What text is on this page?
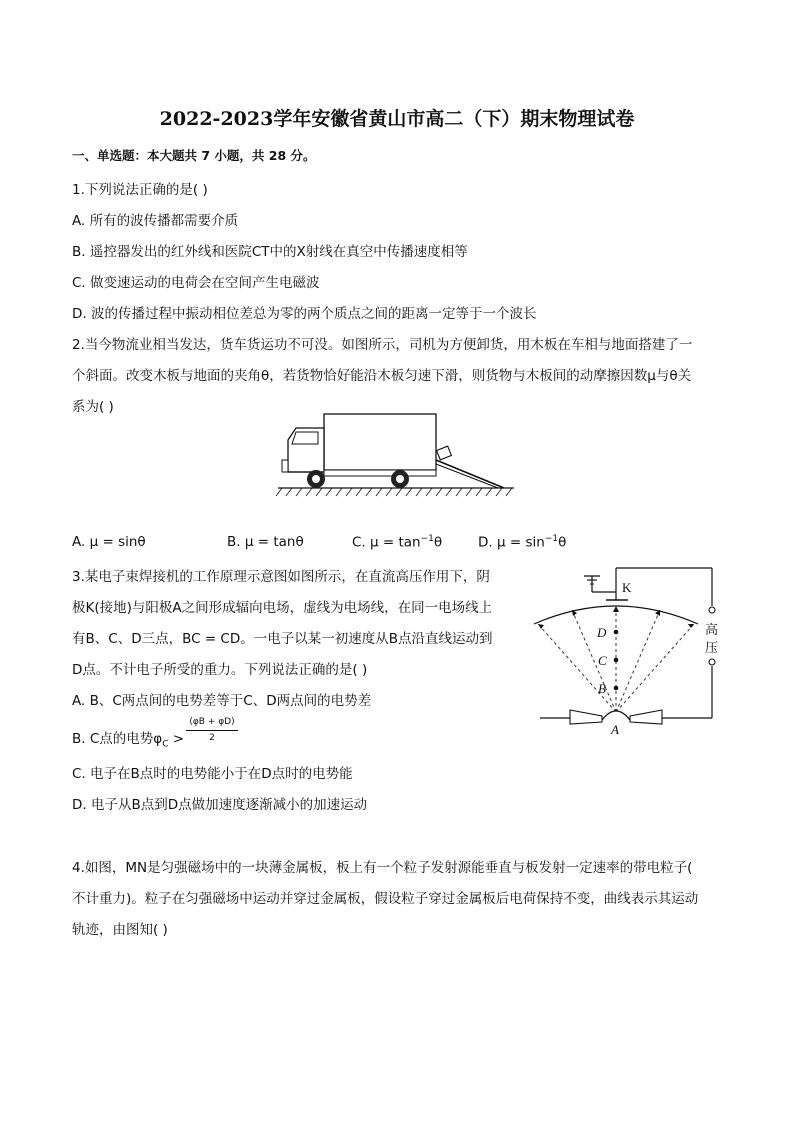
2022-2023学年安徽省黄山市高二（下）期末物理试卷
一、单选题：本大题共 7 小题，共 28 分。
1.下列说法正确的是( )
A. 所有的波传播都需要介质
B. 遥控器发出的红外线和医院CT中的X射线在真空中传播速度相等
C. 做变速运动的电荷会在空间产生电磁波
D. 波的传播过程中振动相位差总为零的两个质点之间的距离一定等于一个波长
2.当今物流业相当发达，货车货运功不可没。如图所示，司机为方便卸货，用木板在车相与地面搭建了一
个斜面。改变木板与地面的夹角θ，若货物恰好能沿木板匀速下滑，则货物与木板间的动摩擦因数μ与θ关
系为( )
A. μ = sinθ	B. μ = tanθ	C. $\mu = \tan^{-1}\theta$	D. $\mu = \sin^{-1}\theta$
3.某电子束焊接机的工作原理示意图如图所示，在直流高压作用下，阴
极K(接地)与阳极A之间形成辐向电场，虚线为电场线，在同一电场线上
有B、C、D三点，BC = CD。一电子以某一初速度从B点沿直线运动到
D点。不计电子所受的重力。下列说法正确的是( )
A. B、C两点间的电势差等于C、D两点间的电势差
B. C点的电势$\varphi_C$ >
(φB + φD)
2
C. 电子在B点时的电势能小于在D点时的电势能
D. 电子从B点到D点做加速度逐渐减小的加速运动
K
D
C
B
A
高
压
4.如图，MN是匀强磁场中的一块薄金属板，板上有一个粒子发射源能垂直与板发射一定速率的带电粒子(
不计重力)。粒子在匀强磁场中运动并穿过金属板，假设粒子穿过金属板后电荷保持不变，曲线表示其运动
轨迹，由图知( )
